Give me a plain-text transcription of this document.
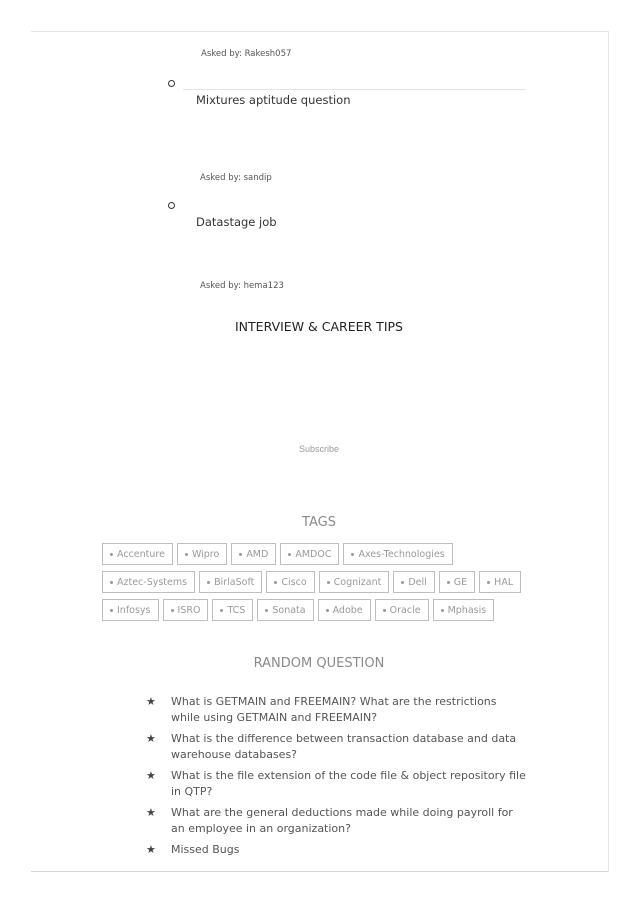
Asked by: Rakesh057
Mixtures aptitude question
Asked by: sandip
Datastage job
Asked by: hema123
INTERVIEW & CAREER TIPS
Subscribe
TAGS
Accenture	Wipro	AMD	AMDOC	Axes-Technologies
Aztec-Systems	BirlaSoft	Cisco	Cognizant	Dell	GE	HAL
Infosys	ISRO	TCS	Sonata	Adobe	Oracle	Mphasis
RANDOM QUESTION
★	What is GETMAIN and FREEMAIN? What are the restrictions while using GETMAIN and FREEMAIN?
★	What is the difference between transaction database and data warehouse databases?
★	What is the file extension of the code file & object repository file in QTP?
★	What are the general deductions made while doing payroll for an employee in an organization?
★	Missed Bugs
